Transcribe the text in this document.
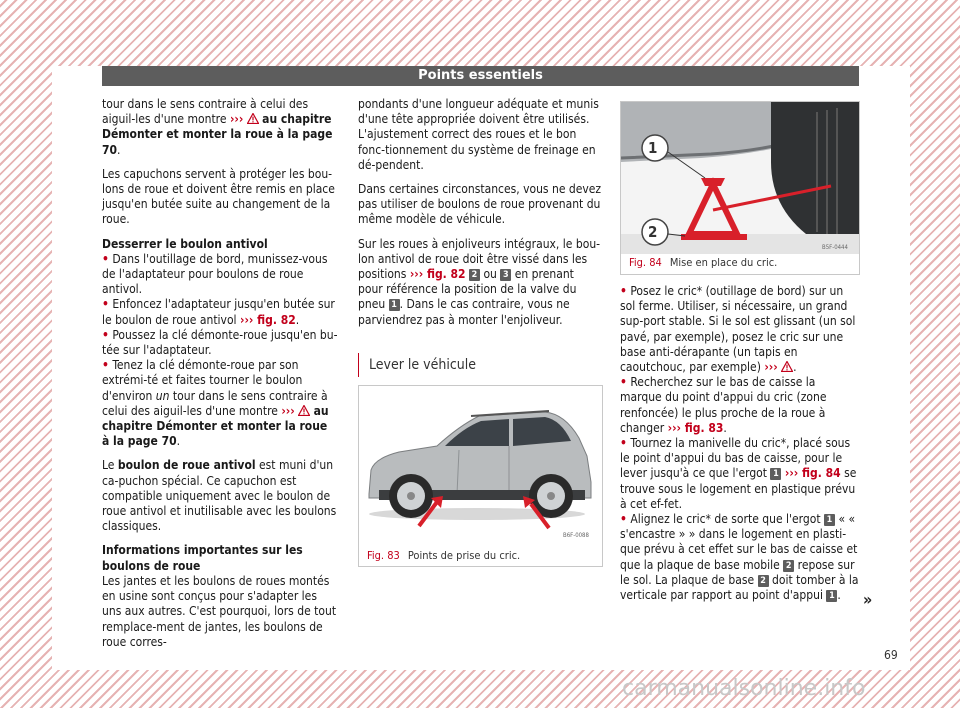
Points essentiels

tour dans le sens contraire à celui des aiguil-les d'une montre ››› au chapitre Démonter et monter la roue à la page 70.

Les capuchons servent à protéger les bou-lons de roue et doivent être remis en place jusqu'en butée suite au changement de la roue.

Desserrer le boulon antivol

• Dans l'outillage de bord, munissez-vous de l'adaptateur pour boulons de roue antivol.

• Enfoncez l'adaptateur jusqu'en butée sur le boulon de roue antivol ››› fig. 82.

• Poussez la clé démonte-roue jusqu'en bu-tée sur l'adaptateur.

• Tenez la clé démonte-roue par son extrémi-té et faites tourner le boulon d'environ un tour dans le sens contraire à celui des aiguil-les d'une montre ››› au chapitre Démonter et monter la roue à la page 70.

Le boulon de roue antivol est muni d'un ca-puchon spécial. Ce capuchon est compatible uniquement avec le boulon de roue antivol et inutilisable avec les boulons classiques.

Informations importantes sur les boulons de roue

Les jantes et les boulons de roues montés en usine sont conçus pour s'adapter les uns aux autres. C'est pourquoi, lors de tout remplace-ment de jantes, les boulons de roue corres-

pondants d'une longueur adéquate et munis d'une tête appropriée doivent être utilisés. L'ajustement correct des roues et le bon fonc-tionnement du système de freinage en dé-pendent.

Dans certaines circonstances, vous ne devez pas utiliser de boulons de roue provenant du même modèle de véhicule.

Sur les roues à enjoliveurs intégraux, le bou-lon antivol de roue doit être vissé dans les positions ››› fig. 82 2 ou 3 en prenant pour référence la position de la valve du pneu 1 . Dans le cas contraire, vous ne parviendrez pas à monter l'enjoliveur.

Lever le véhicule
B6F-0088
Fig. 83 Points de prise du cric.
1
2
B5F-0444
Fig. 84 Mise en place du cric.

• Posez le cric* (outillage de bord) sur un sol ferme. Utiliser, si nécessaire, un grand sup-port stable. Si le sol est glissant (un sol pavé, par exemple), posez le cric sur une base anti-dérapante (un tapis en caoutchouc, par exemple) ››› .

• Recherchez sur le bas de caisse la marque du point d'appui du cric (zone renfoncée) le plus proche de la roue à changer ››› fig. 83.

• Tournez la manivelle du cric*, placé sous le point d'appui du bas de caisse, pour le lever jusqu'à ce que l'ergot 1 ››› fig. 84 se trouve sous le logement en plastique prévu à cet ef-fet.

• Alignez le cric* de sorte que l'ergot 1 « « s'encastre » » dans le logement en plasti-que prévu à cet effet sur le bas de caisse et que la plaque de base mobile 2 repose sur le sol. La plaque de base 2 doit tomber à la verticale par rapport au point d'appui 1 .	»
69
carmanualsonline.info
